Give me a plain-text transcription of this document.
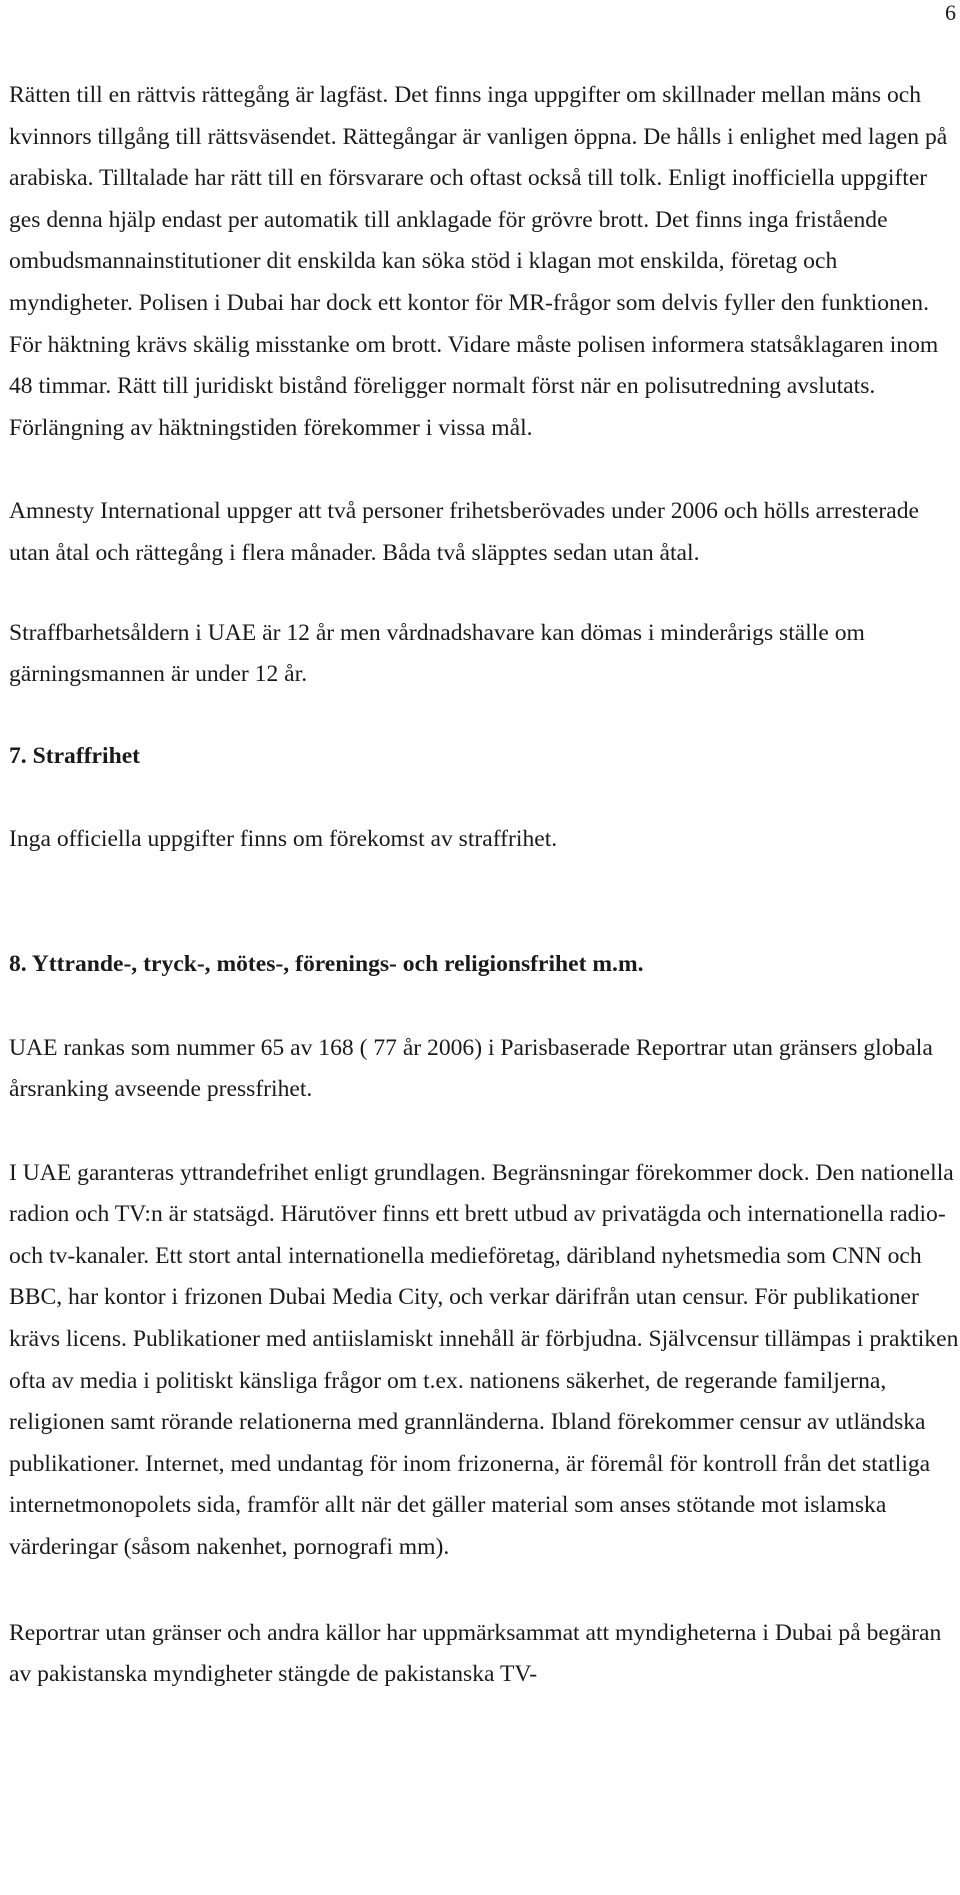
6

Rätten till en rättvis rättegång är lagfäst. Det finns inga uppgifter om skillnader mellan mäns och kvinnors tillgång till rättsväsendet. Rättegångar är vanligen öppna. De hålls i enlighet med lagen på arabiska. Tilltalade har rätt till en försvarare och oftast också till tolk. Enligt inofficiella uppgifter ges denna hjälp endast per automatik till anklagade för grövre brott. Det finns inga fristående ombudsmannainstitutioner dit enskilda kan söka stöd i klagan mot enskilda, företag och myndigheter. Polisen i Dubai har dock ett kontor för MR-frågor som delvis fyller den funktionen. För häktning krävs skälig misstanke om brott. Vidare måste polisen informera statsåklagaren inom 48 timmar. Rätt till juridiskt bistånd föreligger normalt först när en polisutredning avslutats. Förlängning av häktningstiden förekommer i vissa mål.

Amnesty International uppger att två personer frihetsberövades under 2006 och hölls arresterade utan åtal och rättegång i flera månader. Båda två släpptes sedan utan åtal.

Straffbarhetsåldern i UAE är 12 år men vårdnadshavare kan dömas i minderårigs ställe om gärningsmannen är under 12 år.

7. Straffrihet

Inga officiella uppgifter finns om förekomst av straffrihet.

8. Yttrande-, tryck-, mötes-, förenings- och religionsfrihet m.m.

UAE rankas som nummer 65 av 168 ( 77 år 2006) i Parisbaserade Reportrar utan gränsers globala årsranking avseende pressfrihet.

I UAE garanteras yttrandefrihet enligt grundlagen. Begränsningar förekommer dock. Den nationella radion och TV:n är statsägd. Härutöver finns ett brett utbud av privatägda och internationella radio- och tv-kanaler. Ett stort antal internationella medieföretag, däribland nyhetsmedia som CNN och BBC, har kontor i frizonen Dubai Media City, och verkar därifrån utan censur. För publikationer krävs licens. Publikationer med antiislamiskt innehåll är förbjudna. Självcensur tillämpas i praktiken ofta av media i politiskt känsliga frågor om t.ex. nationens säkerhet, de regerande familjerna, religionen samt rörande relationerna med grannländerna. Ibland förekommer censur av utländska publikationer. Internet, med undantag för inom frizonerna, är föremål för kontroll från det statliga internetmonopolets sida, framför allt när det gäller material som anses stötande mot islamska värderingar (såsom nakenhet, pornografi mm).

Reportrar utan gränser och andra källor har uppmärksammat att myndigheterna i Dubai på begäran av pakistanska myndigheter stängde de pakistanska TV-
